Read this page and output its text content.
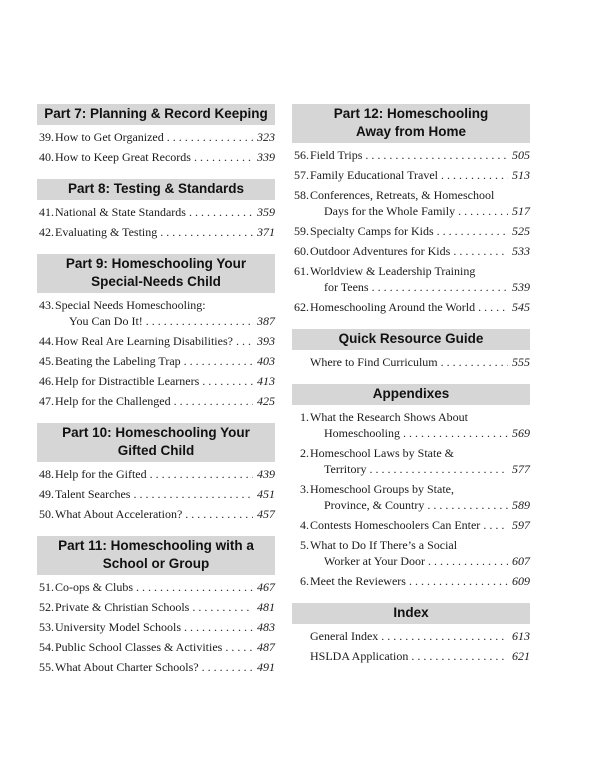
Part 7: Planning & Record Keeping
39. How to Get Organized . . .	323
40. How to Keep Great Records . . .	339
Part 8: Testing & Standards
41. National & State Standards . . .	359
42. Evaluating & Testing . . .	371
Part 9: Homeschooling Your
Special-Needs Child
43. Special Needs Homeschooling:
You Can Do It! . . .	387
44. How Real Are Learning Disabilities? . . .	393
45. Beating the Labeling Trap . . .	403
46. Help for Distractible Learners . . .	413
47. Help for the Challenged . . .	425
Part 10: Homeschooling Your
Gifted Child
48. Help for the Gifted . . .	439
49. Talent Searches . . .	451
50. What About Acceleration? . . .	457
Part 11: Homeschooling with a
School or Group
51. Co-ops & Clubs . . .	467
52. Private & Christian Schools . . .	481
53. University Model Schools . . .	483
54. Public School Classes & Activities . . .	487
55. What About Charter Schools? . . .	491
Part 12: Homeschooling
Away from Home
56. Field Trips . . .	505
57. Family Educational Travel . . .	513
58. Conferences, Retreats, & Homeschool
Days for the Whole Family . . .	517
59. Specialty Camps for Kids . . .	525
60. Outdoor Adventures for Kids . . .	533
61. Worldview & Leadership Training
for Teens . . .	539
62. Homeschooling Around the World . . .	545
Quick Resource Guide
Where to Find Curriculum . . .	555
Appendixes
1. What the Research Shows About
Homeschooling . . .	569
2. Homeschool Laws by State &
Territory . . .	577
3. Homeschool Groups by State,
Province, & Country . . .	589
4. Contests Homeschoolers Can Enter . . .	597
5. What to Do If There’s a Social
Worker at Your Door . . .	607
6. Meet the Reviewers . . .	609
Index
General Index . . .	613
HSLDA Application . . .	621
